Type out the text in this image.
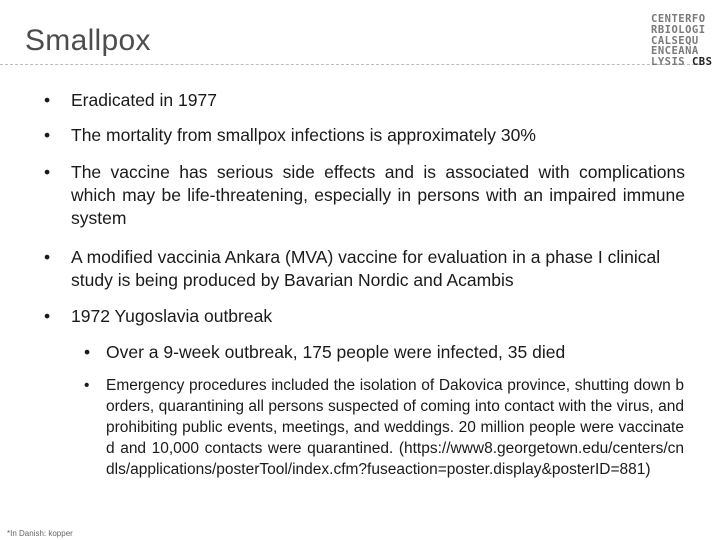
Smallpox
CENTERFO
RBIOLOGI
CALSEQU
ENCEANA
LYSIS CBS
• Eradicated in 1977
• The mortality from smallpox infections is approximately 30%
• The vaccine has serious side effects and is associated with complications which may be life-threatening, especially in persons with an impaired immune system
• A modified vaccinia Ankara (MVA) vaccine for evaluation in a phase I clinical study is being produced by Bavarian Nordic and Acambis
• 1972 Yugoslavia outbreak
• Over a 9-week outbreak, 175 people were infected, 35 died
• Emergency procedures included the isolation of Dakovica province, shutting down borders, quarantining all persons suspected of coming into contact with the virus, and prohibiting public events, meetings, and weddings. 20 million people were vaccinated and 10,000 contacts were quarantined. (https://www8.georgetown.edu/centers/cndls/applications/posterTool/index.cfm?fuseaction=poster.display&posterID=881)
*In Danish: kopper
